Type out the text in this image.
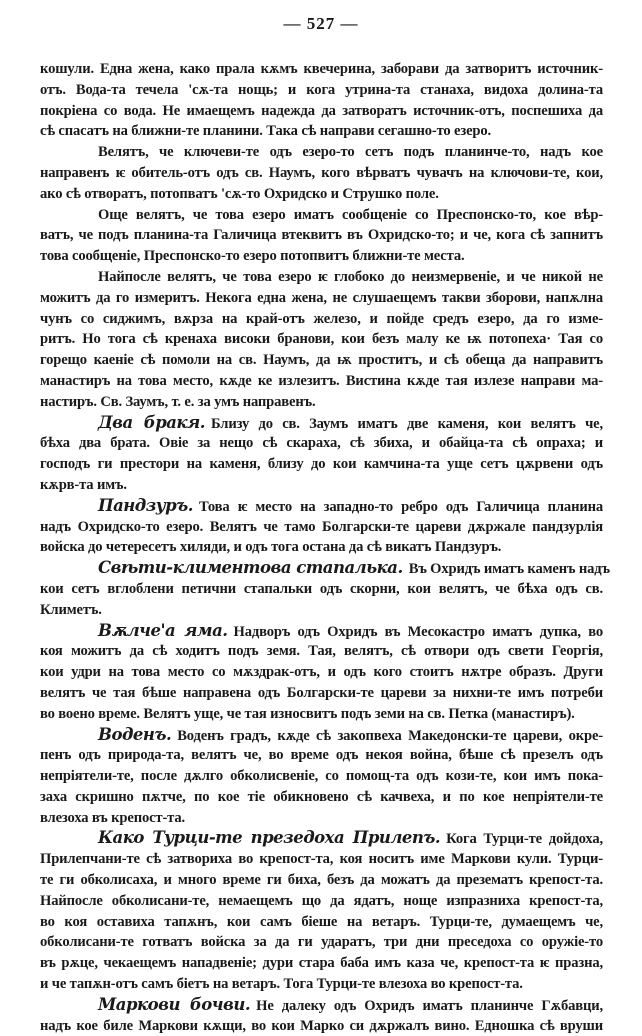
— 527 —
кошули. Една жена, како прала кѫмъ квечерина, заборави да затворитъ источник-
отъ. Вода-та течела 'сѫ-та нощь; и кога утрина-та станаха, видоха долина-та
покріена со вода. Не имаещемъ надежда да затворатъ источник-отъ, поспешиха да
сѣ спасатъ на ближни-те планини. Така сѣ направи сегашно-то езеро.
Велятъ, че ключеви-те одъ езеро-то сетъ подъ планинче-то, надъ кое
направенъ ѥ обитель-отъ одъ св. Наумъ, кого вѣрватъ чувачъ на ключови-те, кои,
ако сѣ отворатъ, потопватъ 'сѫ-то Охридско и Струшко поле.
Още велятъ, че това езеро иматъ сообщеніе со Преспонско-то, кое вѣр-
ватъ, че подъ планина-та Галичица втеквитъ въ Охридско-то; и че, кога сѣ запнитъ
това сообщеніе, Преспонско-то езеро потопвитъ ближни-те места.
Найпосле велятъ, че това езеро ѥ глобоко до неизмервеніе, и че никой не
можитъ да го измеритъ. Некога една жена, не слушаещемъ такви зборови, напѫлна
чунъ со сиджимъ, вѫрза на край-отъ железо, и пойде средъ езеро, да го изме-
ритъ. Но тога сѣ кренаха високи бранови, кои безъ малу ке ѭ потопеха· Тая со
горещо каеніе сѣ помоли на св. Наумъ, да ѭ проститъ, и сѣ обеща да направитъ
манастиръ на това место, кѫде ке излезитъ. Вистина кѫде тая излезе направи ма-
настиръ. Св. Заумъ, т. е. за умъ направенъ.
Два бракя. Близу до св. Заумъ иматъ две каменя, кои велятъ че,
бѣха два брата. Овіе за нещо сѣ скараха, сѣ збиха, и обайца-та сѣ опраха; и
господъ ги престори на каменя, близу до кои камчина-та уще сетъ цѫрвени одъ
кѫрв-та имъ.
Пандзуръ. Това ѥ место на западно-то ребро одъ Галичица планина
надъ Охридско-то езеро. Велятъ че тамо Болгарски-те цареви дѫржале пандзурлія
войска до четересетъ хиляди, и одъ тога остана да сѣ викатъ Пандзуръ.
Свѣти-климентова стапалька. Въ Охридъ иматъ каменъ надъ
кои сетъ вглоблени петични стапальки одъ скорни, кои велятъ, че бѣха одъ св.
Климетъ.
Вѫлче'а яма. Надворъ одъ Охридъ въ Месокастро иматъ дупка, во
коя можитъ да сѣ ходитъ подъ земя. Тая, велятъ, сѣ отвори одъ свети Георгія,
кои удри на това место со мѫздрак-отъ, и одъ кого стоитъ нѫтре образъ. Други
велятъ че тая бѣше направена одъ Болгарски-те цареви за нихни-те имъ потреби
во военo време. Велятъ уще, че тая износвитъ подъ земи на св. Петка (манастиръ).
Воденъ. Воденъ градъ, кѫде сѣ закопвеха Македонски-те цареви, окре-
пенъ одъ природа-та, велятъ че, во време одъ некоя война, бѣше сѣ презелъ одъ
непріятели-те, после дѫлго обколисвеніе, со помощ-та одъ кози-те, кои имъ пока-
заха скришно пѫтче, по кое тіе обикновено сѣ качвеха, и по кое непріятели-те
влезоха въ крепост-та.
Како Турци-те презедоха Прилепъ. Кога Турци-те дойдоха,
Прилепчани-те сѣ затвориха во крепост-та, коя носитъ име Маркови кули. Турци-
те ги обколисаха, и много време ги биха, безъ да можатъ да презематъ крепост-та.
Найпосле обколисани-те, немаещемъ що да ядатъ, ноще изпразниха крепост-та,
во коя оставиха тапѫнъ, кои самъ біеше на ветаръ. Турци-те, думаещемъ че,
обколисани-те готватъ войска за да ги ударатъ, три дни преседоха со оружіе-то
въ рѫце, чекаещемъ нападвеніе; дури стара баба имъ каза че, крепост-та ѥ празна,
и че тапѫн-отъ самъ біетъ на ветаръ. Тога Турци-те влезоха во крепост-та.
Маркови бочви. Не далеку одъ Охридъ иматъ планинче Гѫбавци,
надъ кое биле Маркови кѫщи, во кои Марко си дѫржалъ вино. Едношка сѣ вруши
